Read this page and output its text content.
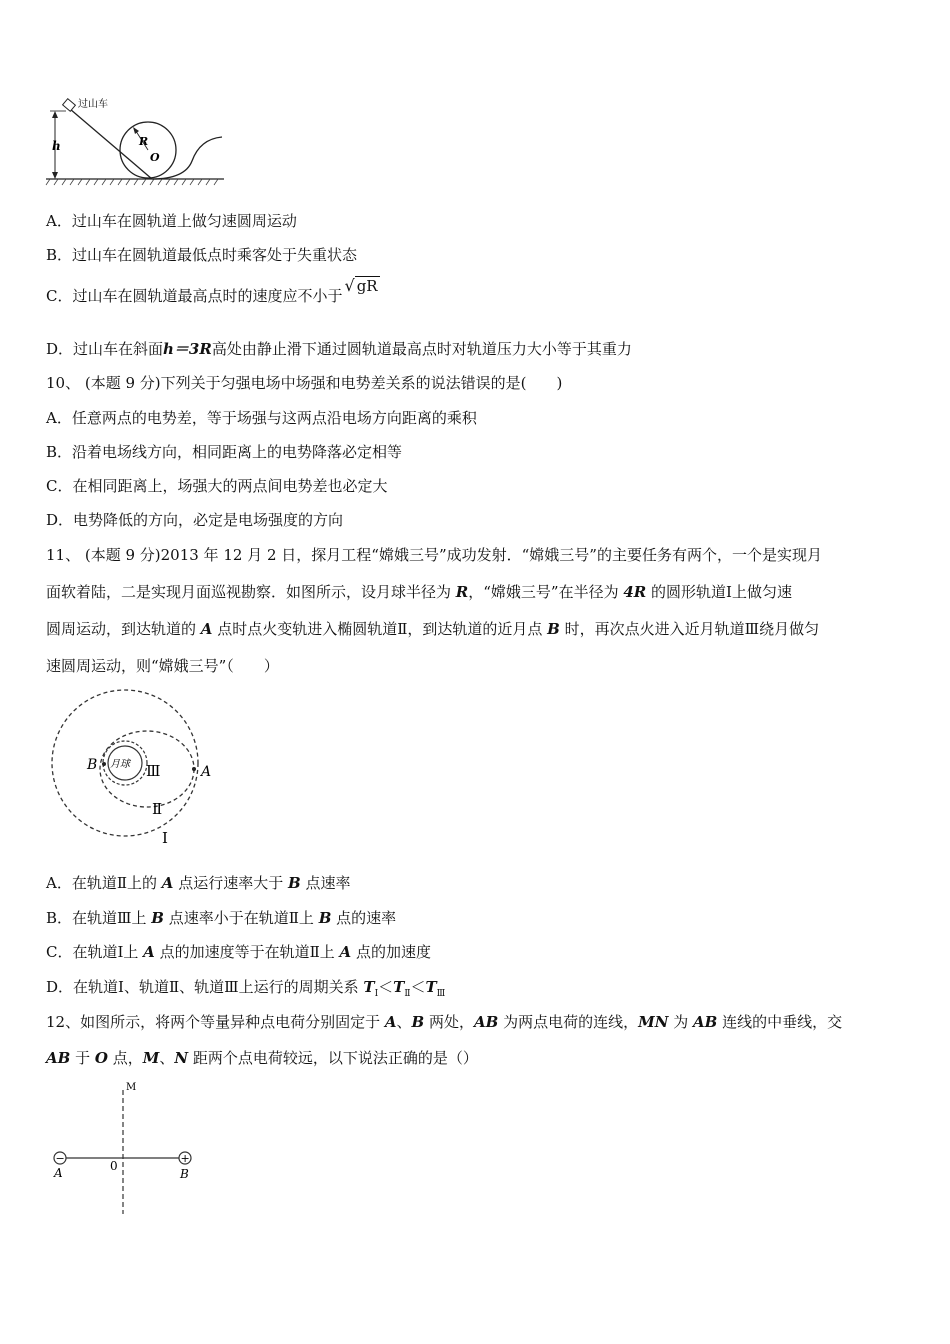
h
过山车
R
O
A．过山车在圆轨道上做匀速圆周运动
B．过山车在圆轨道最低点时乘客处于失重状态
C．过山车在圆轨道最高点时的速度应不小于√ gR
D．过山车在斜面h＝3R高处由静止滑下通过圆轨道最高点时对轨道压力大小等于其重力
10、 (本题 9 分)下列关于匀强电场中场强和电势差关系的说法错误的是(　　)
A．任意两点的电势差，等于场强与这两点沿电场方向距离的乘积
B．沿着电场线方向，相同距离上的电势降落必定相等
C．在相同距离上，场强大的两点间电势差也必定大
D．电势降低的方向，必定是电场强度的方向
11、 (本题 9 分)2013 年 12 月 2 日，探月工程“嫦娥三号”成功发射．“嫦娥三号”的主要任务有两个，一个是实现月
面软着陆，二是实现月面巡视勘察．如图所示，设月球半径为 R，“嫦娥三号”在半径为 4R 的圆形轨道Ⅰ上做匀速
圆周运动，到达轨道的 A 点时点火变轨进入椭圆轨道Ⅱ，到达轨道的近月点 B 时，再次点火进入近月轨道Ⅲ绕月做匀
速圆周运动，则“嫦娥三号”（　　）
B 月球 Ⅲ	A
Ⅱ
Ⅰ
A．在轨道Ⅱ上的 A 点运行速率大于 B 点速率
B．在轨道Ⅲ上 B 点速率小于在轨道Ⅱ上 B 点的速率
C．在轨道Ⅰ上 A 点的加速度等于在轨道Ⅱ上 A 点的加速度
D．在轨道Ⅰ、轨道Ⅱ、轨道Ⅲ上运行的周期关系 $T_Ⅰ<T_Ⅱ<T_Ⅲ$
12、如图所示，将两个等量异种点电荷分别固定于 A、B 两处，AB 为两点电荷的连线，MN 为 AB 连线的中垂线，交
AB 于 O 点，M、N 距两个点电荷较远，以下说法正确的是（）
M
−	+
0
A	B
